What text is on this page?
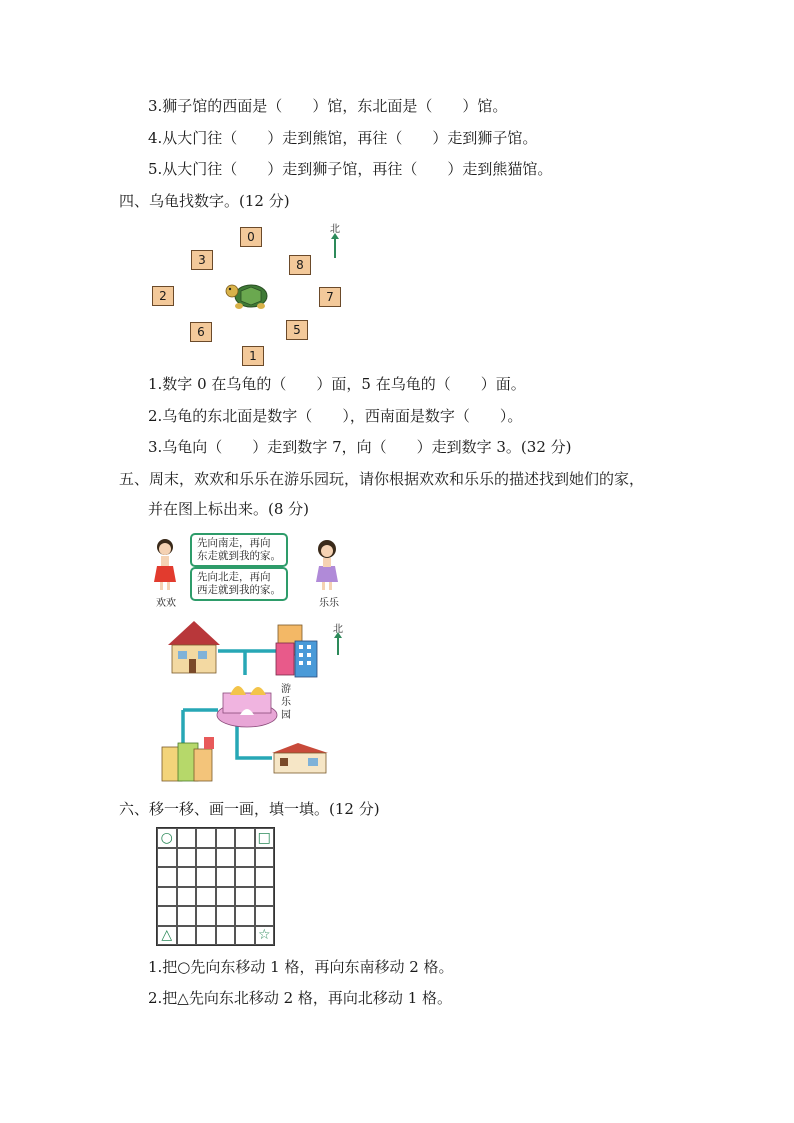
3.狮子馆的西面是（　　）馆，东北面是（　　）馆。
4.从大门往（　　）走到熊馆，再往（　　）走到狮子馆。
5.从大门往（　　）走到狮子馆，再往（　　）走到熊猫馆。
四、乌龟找数字。(12 分)
北
0
3	8
2	7
6	5
1
1.数字 0 在乌龟的（　　）面，5 在乌龟的（　　）面。
2.乌龟的东北面是数字（　　），西南面是数字（　　）。
3.乌龟向（　　）走到数字 7，向（　　）走到数字 3。(32 分)
五、周末，欢欢和乐乐在游乐园玩，请你根据欢欢和乐乐的描述找到她们的家，
并在图上标出来。(8 分)
欢欢
先向南走，再向
东走就到我的家。
先向北走，再向
西走就到我的家。
乐乐
北
游乐园
六、移一移、画一画，填一填。(12 分)
○	□
△	☆
1.把○先向东移动 1 格，再向东南移动 2 格。
2.把△先向东北移动 2 格，再向北移动 1 格。
